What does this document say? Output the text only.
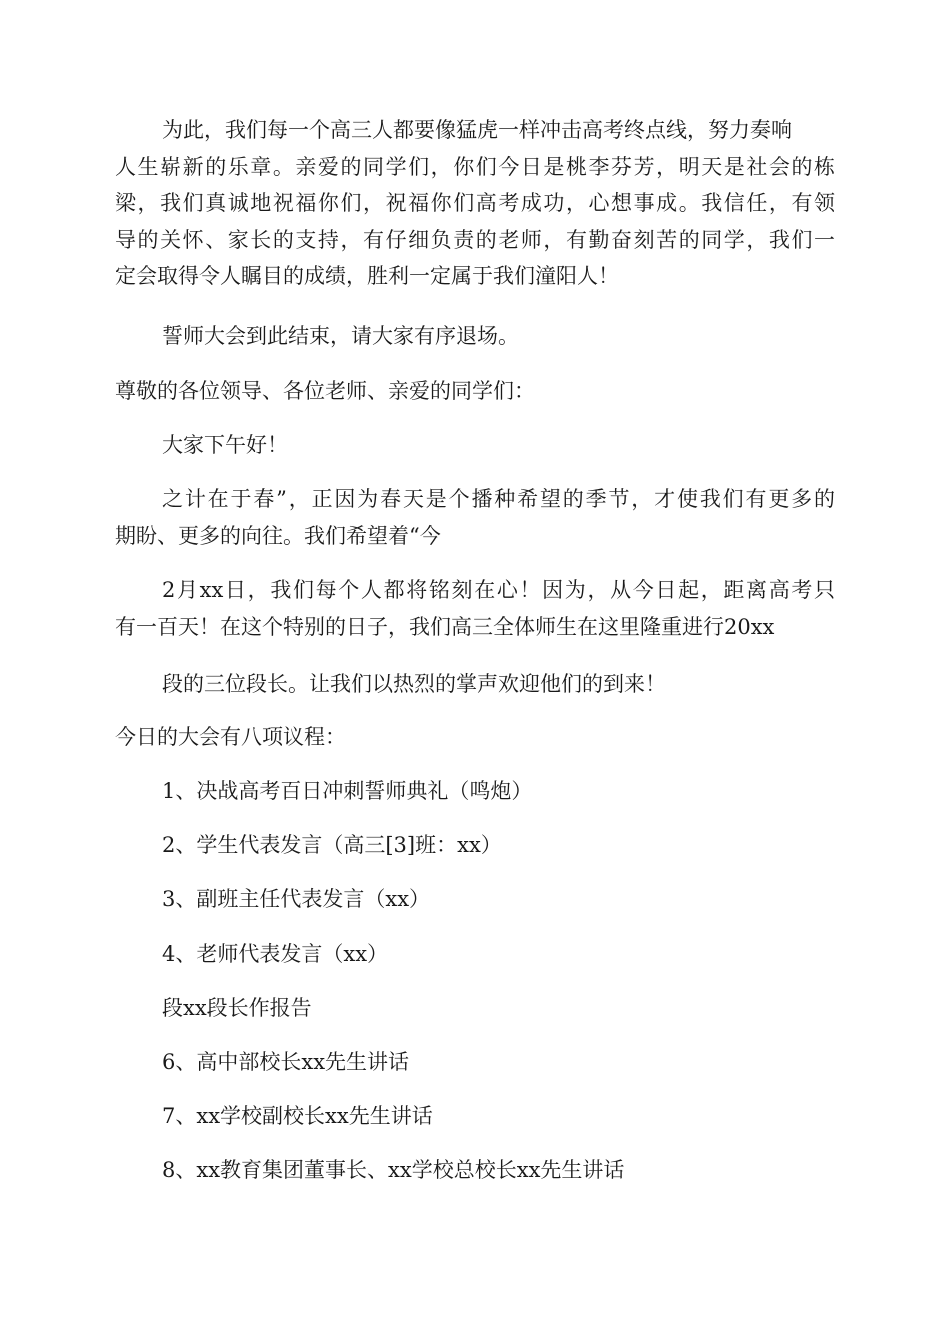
为此，我们每一个高三人都要像猛虎一样冲击高考终点线，努力奏响
人生崭新的乐章。亲爱的同学们，你们今日是桃李芬芳，明天是社会的栋
梁，我们真诚地祝福你们，祝福你们高考成功，心想事成。我信任，有领
导的关怀、家长的支持，有仔细负责的老师，有勤奋刻苦的同学，我们一
定会取得令人瞩目的成绩，胜利一定属于我们潼阳人！
誓师大会到此结束，请大家有序退场。
尊敬的各位领导、各位老师、亲爱的同学们：
大家下午好！
之计在于春”，正因为春天是个播种希望的季节，才使我们有更多的
期盼、更多的向往。我们希望着“今
2月xx日，我们每个人都将铭刻在心！因为，从今日起，距离高考只
有一百天！在这个特别的日子，我们高三全体师生在这里隆重进行20xx
段的三位段长。让我们以热烈的掌声欢迎他们的到来！
今日的大会有八项议程：
1、决战高考百日冲刺誓师典礼（鸣炮）
2、学生代表发言（高三[3]班：xx）
3、副班主任代表发言（xx）
4、老师代表发言（xx）
段xx段长作报告
6、高中部校长xx先生讲话
7、xx学校副校长xx先生讲话
8、xx教育集团董事长、xx学校总校长xx先生讲话
